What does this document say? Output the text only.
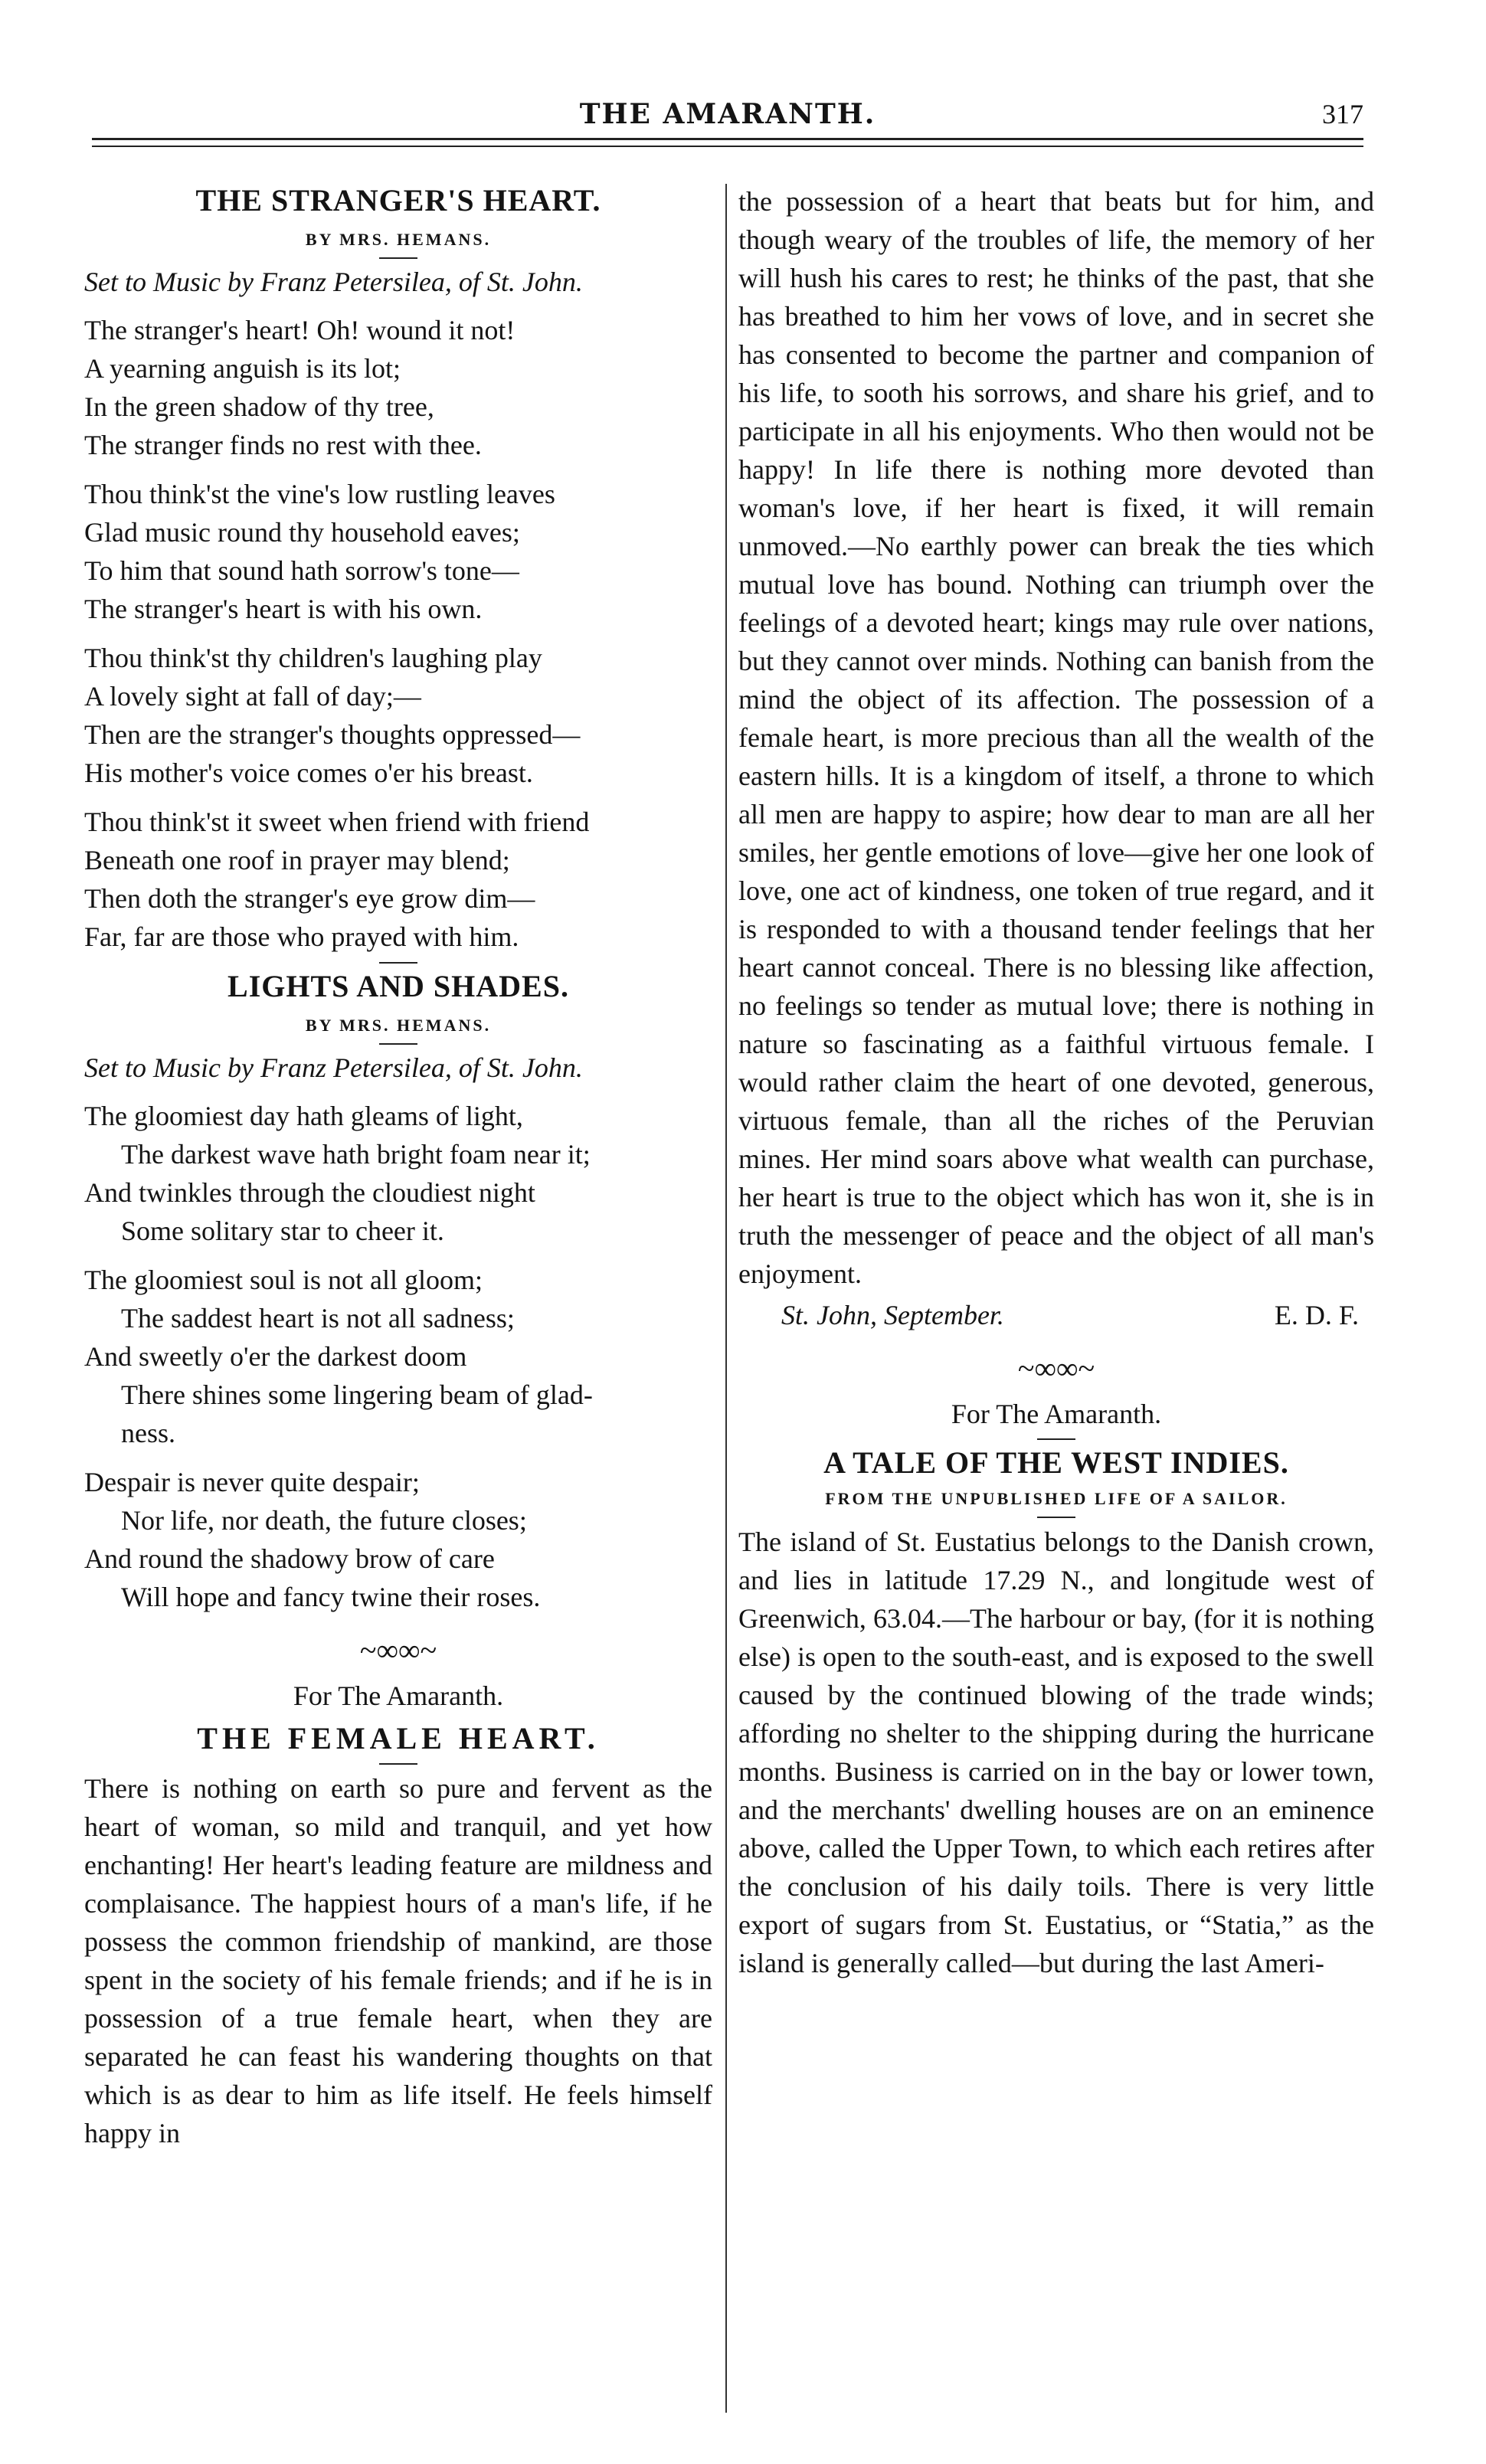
THE AMARANTH.	317
THE STRANGER'S HEART.
BY MRS. HEMANS.

Set to Music by Franz Petersilea, of St. John.

The stranger's heart! Oh! wound it not!
A yearning anguish is its lot;
In the green shadow of thy tree,
The stranger finds no rest with thee.
Thou think'st the vine's low rustling leaves
Glad music round thy household eaves;
To him that sound hath sorrow's tone—
The stranger's heart is with his own.
Thou think'st thy children's laughing play
A lovely sight at fall of day;—
Then are the stranger's thoughts oppressed—
His mother's voice comes o'er his breast.
Thou think'st it sweet when friend with friend
Beneath one roof in prayer may blend;
Then doth the stranger's eye grow dim—
Far, far are those who prayed with him.
LIGHTS AND SHADES.
BY MRS. HEMANS.

Set to Music by Franz Petersilea, of St. John.

The gloomiest day hath gleams of light,
The darkest wave hath bright foam near it;
And twinkles through the cloudiest night
Some solitary star to cheer it.
The gloomiest soul is not all gloom;
The saddest heart is not all sadness;
And sweetly o'er the darkest doom
There shines some lingering beam of glad-
ness.
Despair is never quite despair;
Nor life, nor death, the future closes;
And round the shadowy brow of care
Will hope and fancy twine their roses.
~∞∞~
For The Amaranth.
THE FEMALE HEART.

There is nothing on earth so pure and fervent as the heart of woman, so mild and tranquil, and yet how enchanting! Her heart's leading feature are mildness and complaisance. The happiest hours of a man's life, if he possess the common friendship of mankind, are those spent in the society of his female friends; and if he is in possession of a true female heart, when they are separated he can feast his wandering thoughts on that which is as dear to him as life itself. He feels himself happy in

the possession of a heart that beats but for him, and though weary of the troubles of life, the memory of her will hush his cares to rest; he thinks of the past, that she has breathed to him her vows of love, and in secret she has consented to become the partner and companion of his life, to sooth his sorrows, and share his grief, and to participate in all his enjoyments. Who then would not be happy! In life there is nothing more devoted than woman's love, if her heart is fixed, it will remain unmoved.—No earthly power can break the ties which mutual love has bound. Nothing can triumph over the feelings of a devoted heart; kings may rule over nations, but they cannot over minds. Nothing can banish from the mind the object of its affection. The possession of a female heart, is more precious than all the wealth of the eastern hills. It is a kingdom of itself, a throne to which all men are happy to aspire; how dear to man are all her smiles, her gentle emotions of love—give her one look of love, one act of kindness, one token of true regard, and it is responded to with a thousand tender feelings that her heart cannot conceal. There is no blessing like affection, no feelings so tender as mutual love; there is nothing in nature so fascinating as a faithful virtuous female. I would rather claim the heart of one devoted, generous, virtuous female, than all the riches of the Peruvian mines. Her mind soars above what wealth can purchase, her heart is true to the object which has won it, she is in truth the messenger of peace and the object of all man's enjoyment.

St. John, September.	E. D. F.
~∞∞~
For The Amaranth.
A TALE OF THE WEST INDIES.
FROM THE UNPUBLISHED LIFE OF A SAILOR.

The island of St. Eustatius belongs to the Danish crown, and lies in latitude 17.29 N., and longitude west of Greenwich, 63.04.—The harbour or bay, (for it is nothing else) is open to the south-east, and is exposed to the swell caused by the continued blowing of the trade winds; affording no shelter to the shipping during the hurricane months. Business is carried on in the bay or lower town, and the merchants' dwelling houses are on an eminence above, called the Upper Town, to which each retires after the conclusion of his daily toils. There is very little export of sugars from St. Eustatius, or “Statia,” as the island is generally called—but during the last Ameri-
